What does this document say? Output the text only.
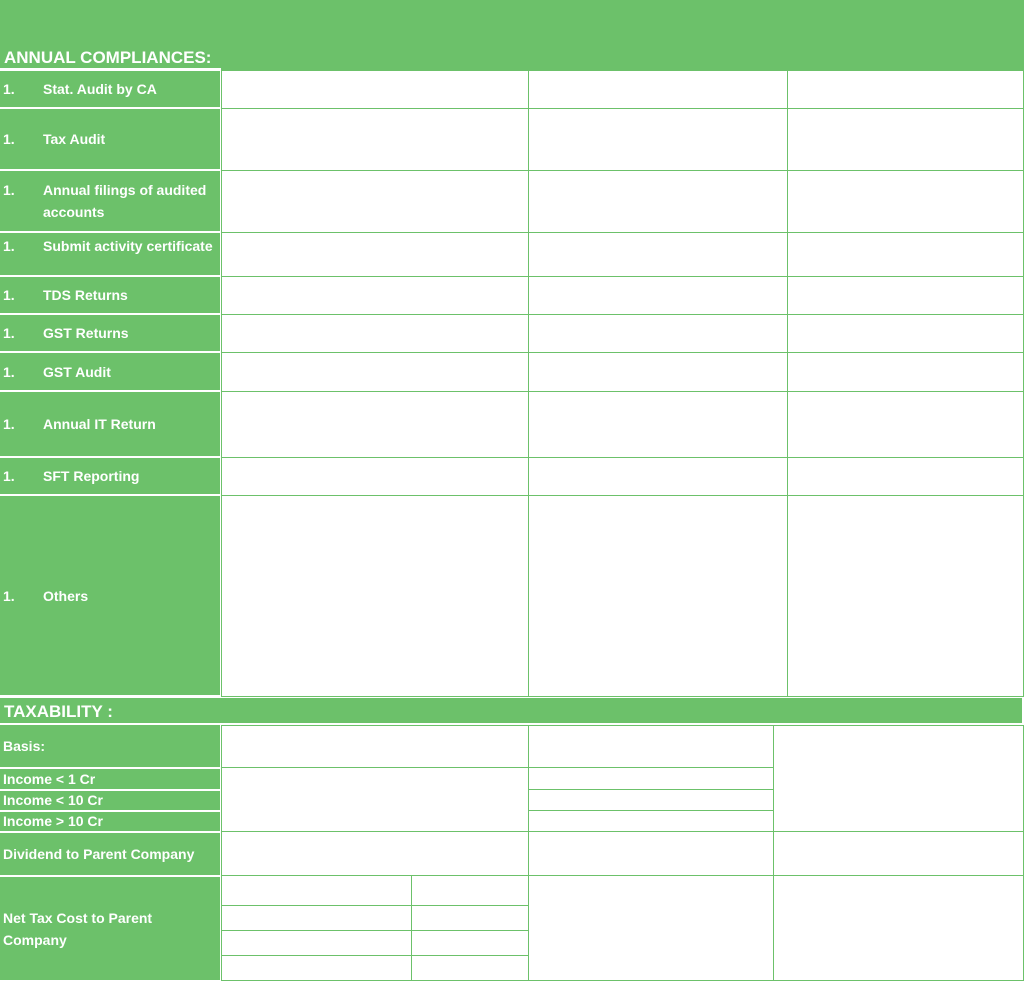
ANNUAL COMPLIANCES:
1. Stat. Audit by CA
1. Tax Audit
1. Annual filings of audited accounts
1. Submit activity certificate
1. TDS Returns
1. GST Returns
1. GST Audit
1. Annual IT Return
1. SFT Reporting
1. Others
TAXABILITY :
Basis:
Income < 1 Cr
Income < 10 Cr
Income > 10 Cr
Dividend to Parent Company
Net Tax Cost to Parent Company
